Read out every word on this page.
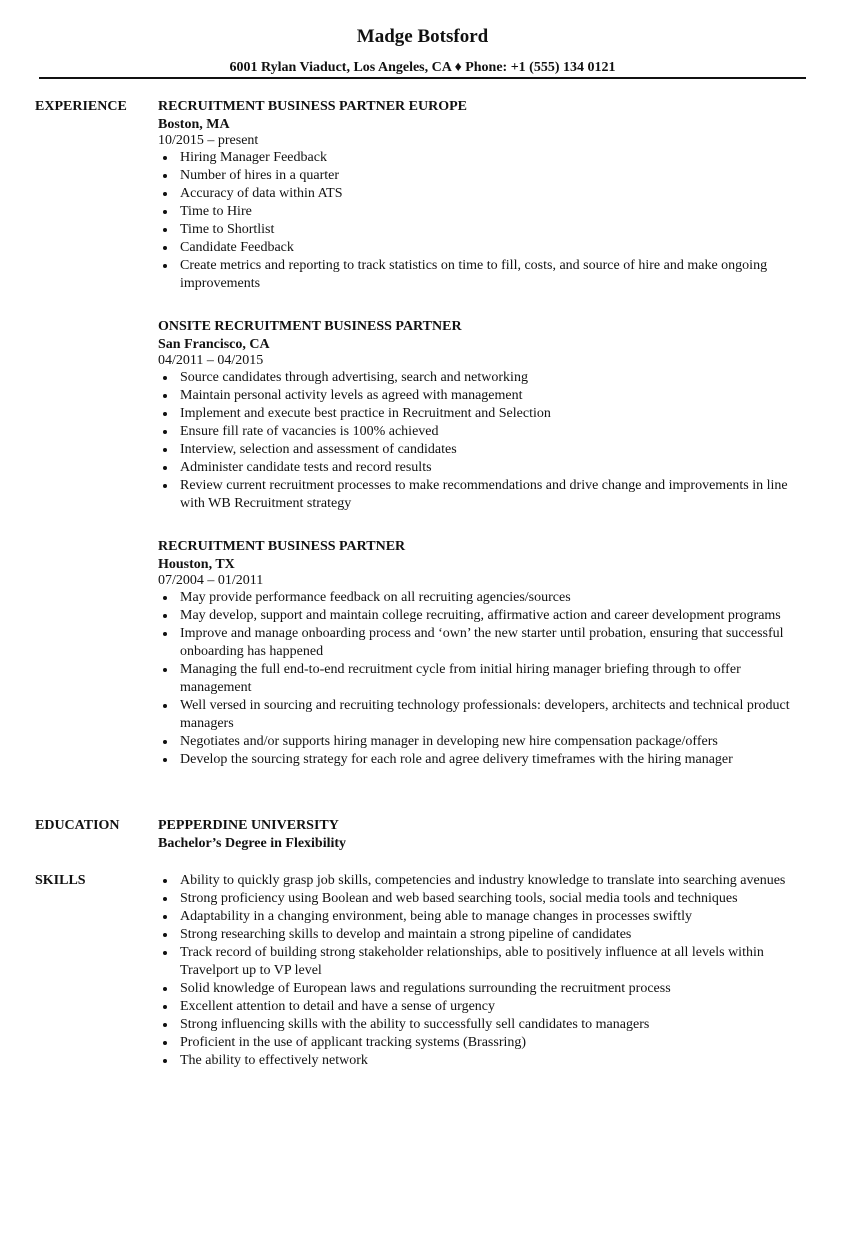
Madge Botsford
6001 Rylan Viaduct, Los Angeles, CA ♦ Phone: +1 (555) 134 0121
EXPERIENCE RECRUITMENT BUSINESS PARTNER EUROPE
Boston, MA
10/2015 – present
Hiring Manager Feedback
Number of hires in a quarter
Accuracy of data within ATS
Time to Hire
Time to Shortlist
Candidate Feedback
Create metrics and reporting to track statistics on time to fill, costs, and source of hire and make ongoing improvements
ONSITE RECRUITMENT BUSINESS PARTNER
San Francisco, CA
04/2011 – 04/2015
Source candidates through advertising, search and networking
Maintain personal activity levels as agreed with management
Implement and execute best practice in Recruitment and Selection
Ensure fill rate of vacancies is 100% achieved
Interview, selection and assessment of candidates
Administer candidate tests and record results
Review current recruitment processes to make recommendations and drive change and improvements in line with WB Recruitment strategy
RECRUITMENT BUSINESS PARTNER
Houston, TX
07/2004 – 01/2011
May provide performance feedback on all recruiting agencies/sources
May develop, support and maintain college recruiting, affirmative action and career development programs
Improve and manage onboarding process and ‘own’ the new starter until probation, ensuring that successful onboarding has happened
Managing the full end-to-end recruitment cycle from initial hiring manager briefing through to offer management
Well versed in sourcing and recruiting technology professionals: developers, architects and technical product managers
Negotiates and/or supports hiring manager in developing new hire compensation package/offers
Develop the sourcing strategy for each role and agree delivery timeframes with the hiring manager
EDUCATION	PEPPERDINE UNIVERSITY
Bachelor’s Degree in Flexibility
SKILLS	Ability to quickly grasp job skills, competencies and industry knowledge to translate into searching avenues
Strong proficiency using Boolean and web based searching tools, social media tools and techniques
Adaptability in a changing environment, being able to manage changes in processes swiftly
Strong researching skills to develop and maintain a strong pipeline of candidates
Track record of building strong stakeholder relationships, able to positively influence at all levels within Travelport up to VP level
Solid knowledge of European laws and regulations surrounding the recruitment process
Excellent attention to detail and have a sense of urgency
Strong influencing skills with the ability to successfully sell candidates to managers
Proficient in the use of applicant tracking systems (Brassring)
The ability to effectively network
